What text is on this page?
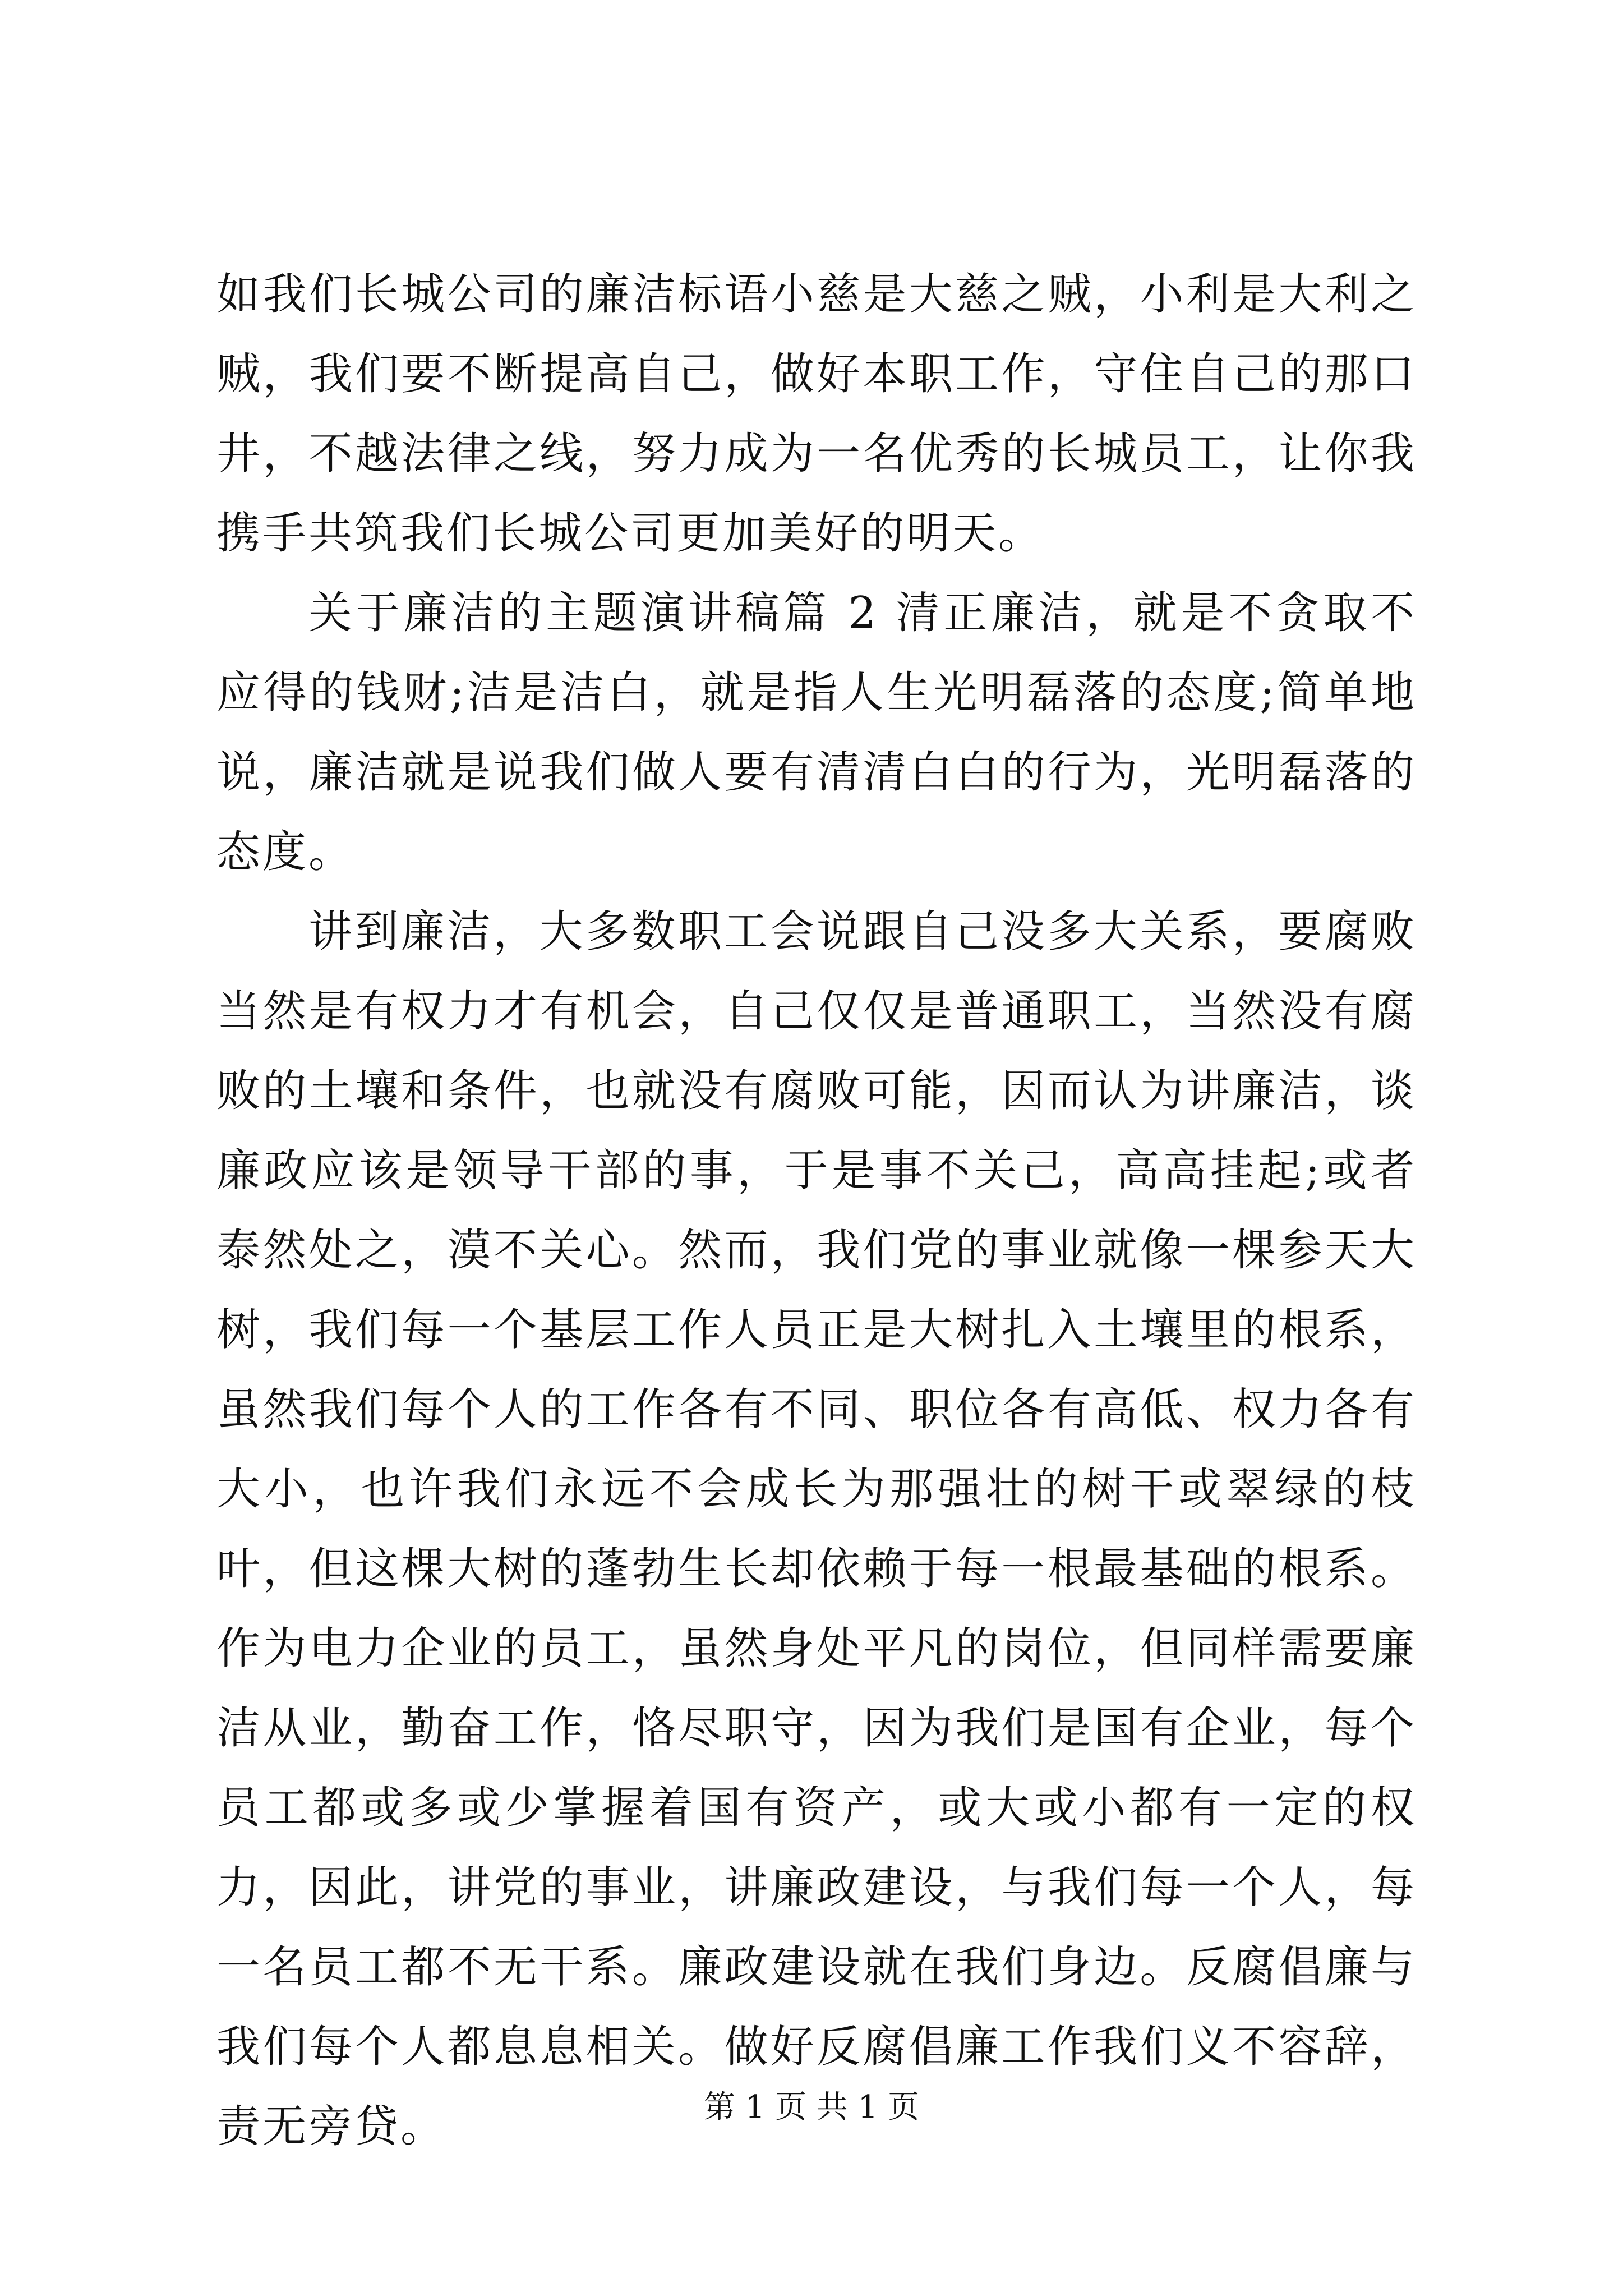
如我们长城公司的廉洁标语小慈是大慈之贼，小利是大利之贼，我们要不断提高自己，做好本职工作，守住自己的那口井，不越法律之线，努力成为一名优秀的长城员工，让你我携手共筑我们长城公司更加美好的明天。

关于廉洁的主题演讲稿篇 2 清正廉洁，就是不贪取不应得的钱财;洁是洁白，就是指人生光明磊落的态度;简单地说，廉洁就是说我们做人要有清清白白的行为，光明磊落的态度。

讲到廉洁，大多数职工会说跟自己没多大关系，要腐败当然是有权力才有机会，自己仅仅是普通职工，当然没有腐败的土壤和条件，也就没有腐败可能，因而认为讲廉洁，谈廉政应该是领导干部的事，于是事不关己，高高挂起;或者泰然处之，漠不关心。然而，我们党的事业就像一棵参天大树，我们每一个基层工作人员正是大树扎入土壤里的根系，虽然我们每个人的工作各有不同、职位各有高低、权力各有大小，也许我们永远不会成长为那强壮的树干或翠绿的枝叶，但这棵大树的蓬勃生长却依赖于每一根最基础的根系。作为电力企业的员工，虽然身处平凡的岗位，但同样需要廉洁从业，勤奋工作，恪尽职守，因为我们是国有企业，每个员工都或多或少掌握着国有资产，或大或小都有一定的权力，因此，讲党的事业，讲廉政建设，与我们每一个人，每一名员工都不无干系。廉政建设就在我们身边。反腐倡廉与我们每个人都息息相关。做好反腐倡廉工作我们义不容辞，责无旁贷。	第 1 页 共 1 页
